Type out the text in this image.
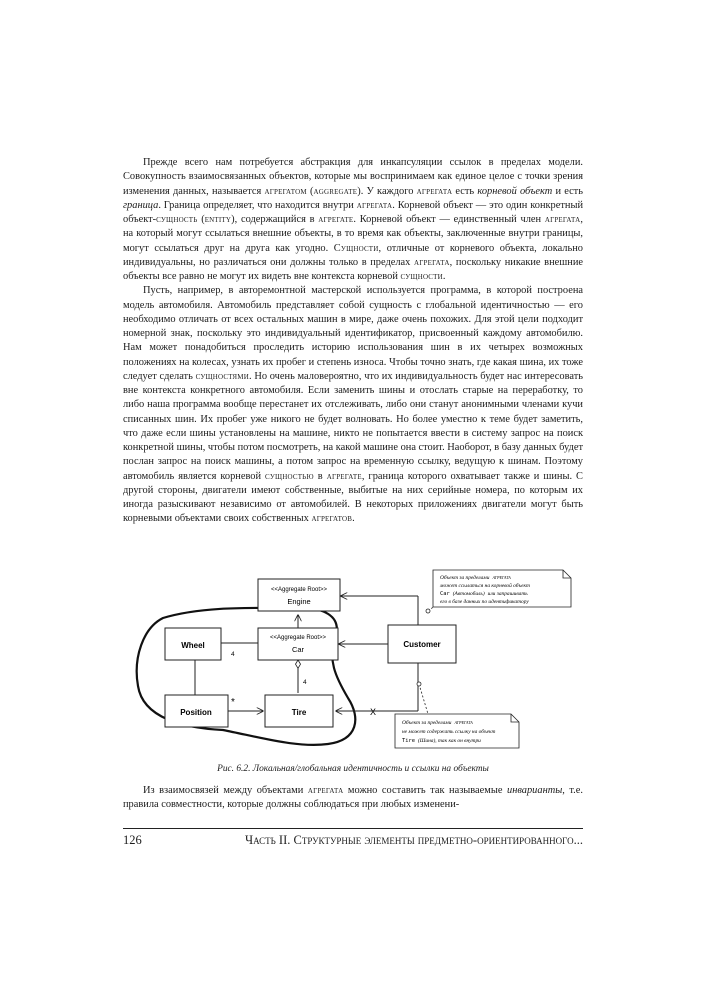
Прежде всего нам потребуется абстракция для инкапсуляции ссылок в пределах модели. Совокупность взаимосвязанных объектов, которые мы воспринимаем как единое целое с точки зрения изменения данных, называется агрегатом (aggregate). У каждого агрегата есть корневой объект и есть граница. Граница определяет, что находится внутри агрегата. Корневой объект — это один конкретный объект-сущность (entity), содержащийся в агрегате. Корневой объект — единственный член агрегата, на который могут ссылаться внешние объекты, в то время как объекты, заключенные внутри границы, могут ссылаться друг на друга как угодно. Сущности, отличные от корневого объекта, локально индивидуальны, но различаться они должны только в пределах агрегата, поскольку никакие внешние объекты все равно не могут их видеть вне контекста корневой сущности.

Пусть, например, в авторемонтной мастерской используется программа, в которой построена модель автомобиля. Автомобиль представляет собой сущность с глобальной идентичностью — его необходимо отличать от всех остальных машин в мире, даже очень похожих. Для этой цели подходит номерной знак, поскольку это индивидуальный идентификатор, присвоенный каждому автомобилю. Нам может понадобиться проследить историю использования шин в их четырех возможных положениях на колесах, узнать их пробег и степень износа. Чтобы точно знать, где какая шина, их тоже следует сделать сущностями. Но очень маловероятно, что их индивидуальность будет нас интересовать вне контекста конкретного автомобиля. Если заменить шины и отослать старые на переработку, то либо наша программа вообще перестанет их отслеживать, либо они станут анонимными членами кучи списанных шин. Их пробег уже никого не будет волновать. Но более уместно к теме будет заметить, что даже если шины установлены на машине, никто не попытается ввести в систему запрос на поиск конкретной шины, чтобы потом посмотреть, на какой машине она стоит. Наоборот, в базу данных будет послан запрос на поиск машины, а потом запрос на временную ссылку, ведущую к шинам. Поэтому автомобиль является корневой сущностью в агрегате, граница которого охватывает также и шины. С другой стороны, двигатели имеют собственные, выбитые на них серийные номера, по которым их иногда разыскивают независимо от автомобилей. В некоторых приложениях двигатели могут быть корневыми объектами своих собственных агрегатов.

<<Aggregate Root>>
Engine
<<Aggregate Root>>
Car
Wheel
Position	Tire
Customer
4
4
*
X
Объект за пределами агрегата
может ссылаться на корневой объект
Car (Автомобиль) или запрашивать
его в базе данных по идентификатору
Объект за пределами агрегата
не может содержать ссылку на объект
Tire (Шина), так как он внутри
Рис. 6.2. Локальная/глобальная идентичность и ссылки на объекты

Из взаимосвязей между объектами агрегата можно составить так называемые инварианты, т.е. правила совместности, которые должны соблюдаться при любых изменени-

126	Часть II. Структурные элементы предметно-ориентированного...
